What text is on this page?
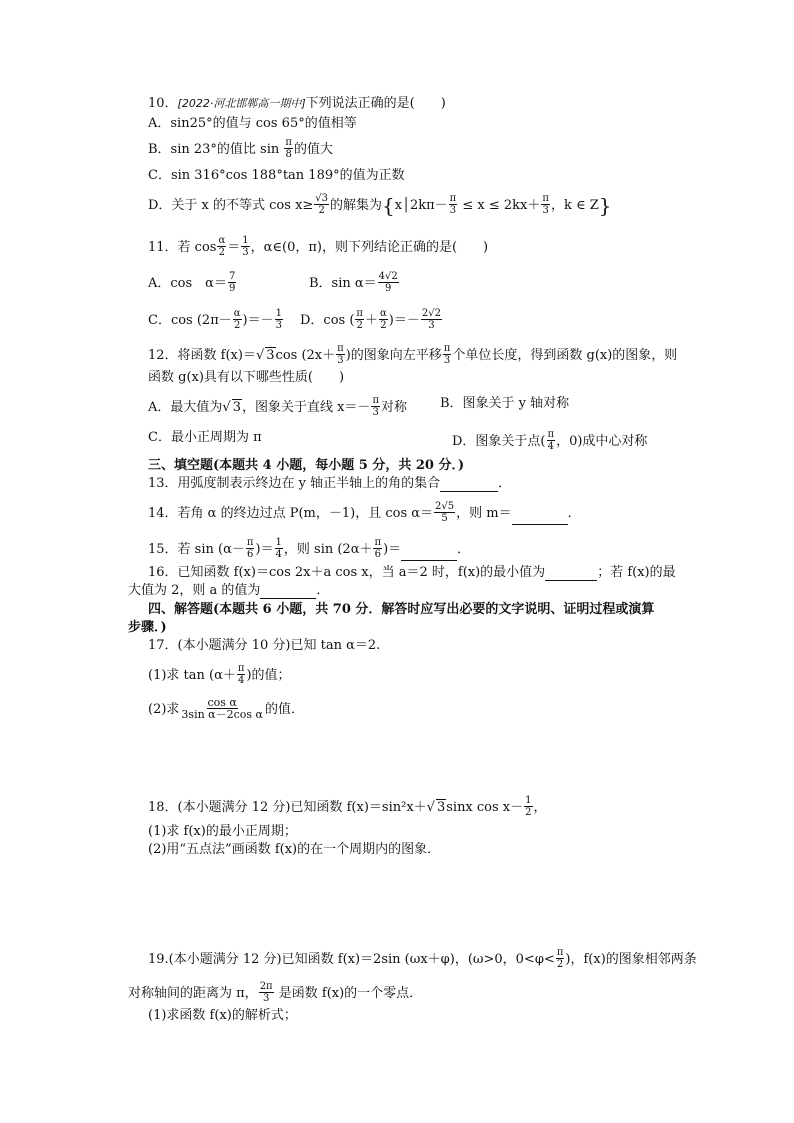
10．[2022·河北邯郸高一期中]下列说法正确的是(　　)
A．sin25°的值与 cos 65°的值相等
B．sin 23°的值比 $\sin \frac{\pi}{8}$ 的值大
C．sin 316°cos 188°tan 189°的值为正数
D．关于 x 的不等式 $\cos x\ge \frac{√3}{2}$ 的解集为{x│2kπ－ $\frac{\pi}{3} \le x \le 2kx+ \frac{\pi}{3}$ ，k ∈ Z}
11．若 $\cos \frac{\alpha}{2} = \frac{1}{3}$ ，α∈(0，π)，则下列结论正确的是(　　)
A．cos　$\alpha= \frac{7}{9}$	B．$\sin \alpha= \frac{4√2}{9}$
C．$\cos (2\pi- \frac{\alpha}{2}$ )＝－ $\frac{1}{3}$ D．cos ( $\frac{\pi}{2} + \frac{\alpha}{2}$ )＝－ $\frac{2√2}{3}$
12．将函数 f(x)＝√ 3cos ($2x+ \frac{\pi}{3}$ )的图象向左平移 $\frac{\pi}{3}$ 个单位长度，得到函数 g(x)的图象，则
函数 g(x)具有以下哪些性质(　　)
A．最大值为√ 3，图象关于直线 $x=- \frac{\pi}{3}$ 对称	B．图象关于 y 轴对称
C．最小正周期为 π	D．图象关于点( $\frac{\pi}{4}$ ，0)成中心对称
三、填空题(本题共 4 小题，每小题 5 分，共 20 分．)
13．用弧度制表示终边在 y 轴正半轴上的角的集合	．
14．若角 α 的终边过点 P(m，－1)，且 $\cos \alpha= \frac{2√5}{5}$ ，则 m＝	．
15．若 $\sin (\alpha- \frac{\pi}{6}$ )＝ $\frac{1}{4}$ ，则 $\sin (2\alpha+ \frac{\pi}{6}$ )＝	．
16．已知函数 f(x)＝cos 2x＋a cos x，当 a＝2 时，f(x)的最小值为	；若 f(x)的最
大值为 2，则 a 的值为	．
四、解答题(本题共 6 小题，共 70 分．解答时应写出必要的文字说明、证明过程或演算
步骤．)
17．(本小题满分 10 分)已知 tan α＝2.
(1)求 $\tan (\alpha+ \frac{\pi}{4}$ )的值；
(2)求 $\frac{\text{cos α}}{\text{3sin α－2cos α}}$ 的值．
18．(本小题满分 12 分)已知函数 f(x)＝sin²x＋√ 3sinx $\cos x- \frac{1}{2}$ ，
(1)求 f(x)的最小正周期；
(2)用“五点法”画函数 f(x)的在一个周期内的图象．
19.(本小题满分 12 分)已知函数 f(x)＝2sin (ωx＋φ)，(ω>0，$0<\varphi< \frac{\pi}{2}$ )，f(x)的图象相邻两条
对称轴间的距离为 π， $\frac{2\pi}{3}$ 是函数 f(x)的一个零点．
(1)求函数 f(x)的解析式；
